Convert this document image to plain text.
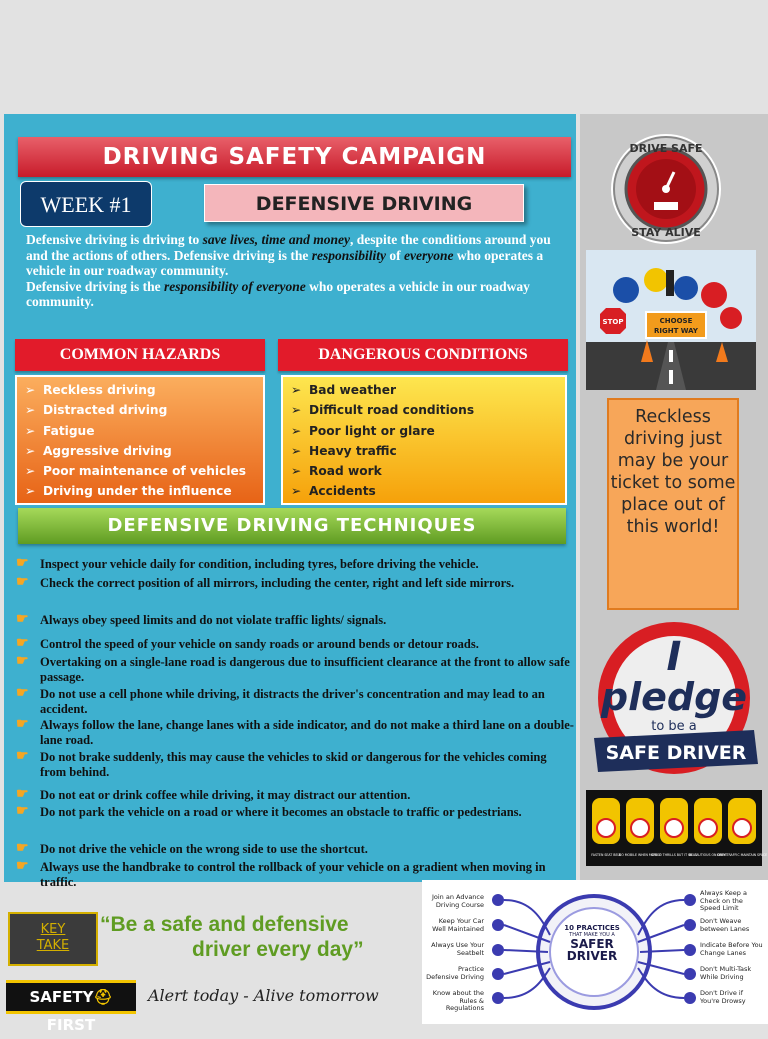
DRIVING SAFETY CAMPAIGN
WEEK #1	DEFENSIVE DRIVING

Defensive driving is driving to save lives, time and money, despite the conditions around you and the actions of others. Defensive driving is the responsibility of everyone who operates a vehicle in our roadway community.

Defensive driving is the responsibility of everyone who operates a vehicle in our roadway community.

COMMON HAZARDS	DANGEROUS CONDITIONS
➢ Reckless driving
➢ Distracted driving
➢ Fatigue
➢ Aggressive driving
➢ Poor maintenance of vehicles
➢ Driving under the influence
➢ Bad weather
➢ Difficult road conditions
➢ Poor light or glare
➢ Heavy traffic
➢ Road work
➢ Accidents
DEFENSIVE DRIVING TECHNIQUES
☛ Inspect your vehicle daily for condition, including tyres, before driving the vehicle.
☛ Check the correct position of all mirrors, including the center, right and left side mirrors.
☛ Always obey speed limits and do not violate traffic lights/ signals.
☛ Control the speed of your vehicle on sandy roads or around bends or detour roads.
☛ Overtaking on a single-lane road is dangerous due to insufficient clearance at the front to allow safe passage.
☛ Do not use a cell phone while driving, it distracts the driver's concentration and may lead to an accident.
☛ Always follow the lane, change lanes with a side indicator, and do not make a third lane on a double-lane road.
☛ Do not brake suddenly, this may cause the vehicles to skid or dangerous for the vehicles coming from behind.
☛ Do not eat or drink coffee while driving, it may distract our attention.
☛ Do not park the vehicle on a road or where it becomes an obstacle to traffic or pedestrians.
☛ Do not drive the vehicle on the wrong side to use the shortcut.
☛ Always use the handbrake to control the rollback of your vehicle on a gradient when moving in traffic.
KEY
TAKE
“Be a safe and defensive
driver every day”
SAFETY⛑FIRST
Alert today - Alive tomorrow
DRIVE SAFE
STAY ALIVE
STOP	CHOOSE
RIGHT WAY
Reckless driving just may be your ticket to some place out of this world!
I
pledge
to be a
SAFE DRIVER
FASTEN SEAT BELT
NO MOBILE WHEN MOBILE
SPEED THRILLS BUT IT KILLS
BE CAUTIOUS ON DRIVE
OBEY TRAFFIC MAINTAIN SPACE
10 PRACTICES
THAT MAKE YOU A
SAFER
DRIVER
Join an Advance Driving Course
Keep Your Car Well Maintained
Always Use Your Seatbelt
Practice Defensive Driving
Know about the Rules & Regulations
Always Keep a Check on the Speed Limit
Don't Weave between Lanes
Indicate Before You Change Lanes
Don't Multi-Task While Driving
Don't Drive if You're Drowsy
